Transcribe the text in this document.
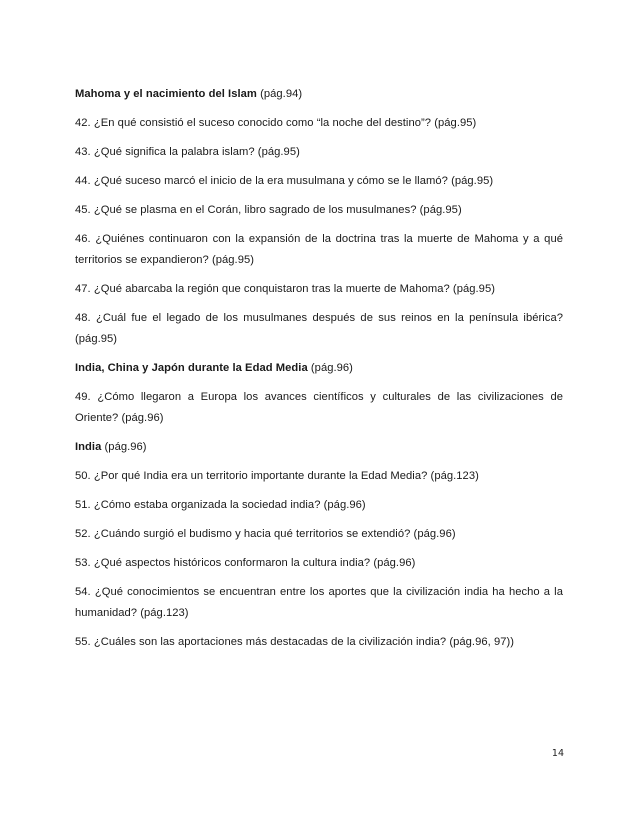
Mahoma y el nacimiento del Islam (pág.94)

42. ¿En qué consistió el suceso conocido como “la noche del destino”? (pág.95)

43. ¿Qué significa la palabra islam? (pág.95)

44. ¿Qué suceso marcó el inicio de la era musulmana y cómo se le llamó? (pág.95)

45. ¿Qué se plasma en el Corán, libro sagrado de los musulmanes? (pág.95)

46. ¿Quiénes continuaron con la expansión de la doctrina tras la muerte de Mahoma y a qué territorios se expandieron? (pág.95)

47. ¿Qué abarcaba la región que conquistaron tras la muerte de Mahoma? (pág.95)

48. ¿Cuál fue el legado de los musulmanes después de sus reinos en la península ibérica? (pág.95)

India, China y Japón durante la Edad Media (pág.96)

49. ¿Cómo llegaron a Europa los avances científicos y culturales de las civilizaciones de Oriente? (pág.96)

India (pág.96)

50. ¿Por qué India era un territorio importante durante la Edad Media? (pág.123)

51. ¿Cómo estaba organizada la sociedad india? (pág.96)

52. ¿Cuándo surgió el budismo y hacia qué territorios se extendió? (pág.96)

53. ¿Qué aspectos históricos conformaron la cultura india? (pág.96)

54. ¿Qué conocimientos se encuentran entre los aportes que la civilización india ha hecho a la humanidad? (pág.123)

55. ¿Cuáles son las aportaciones más destacadas de la civilización india? (pág.96, 97))

14
